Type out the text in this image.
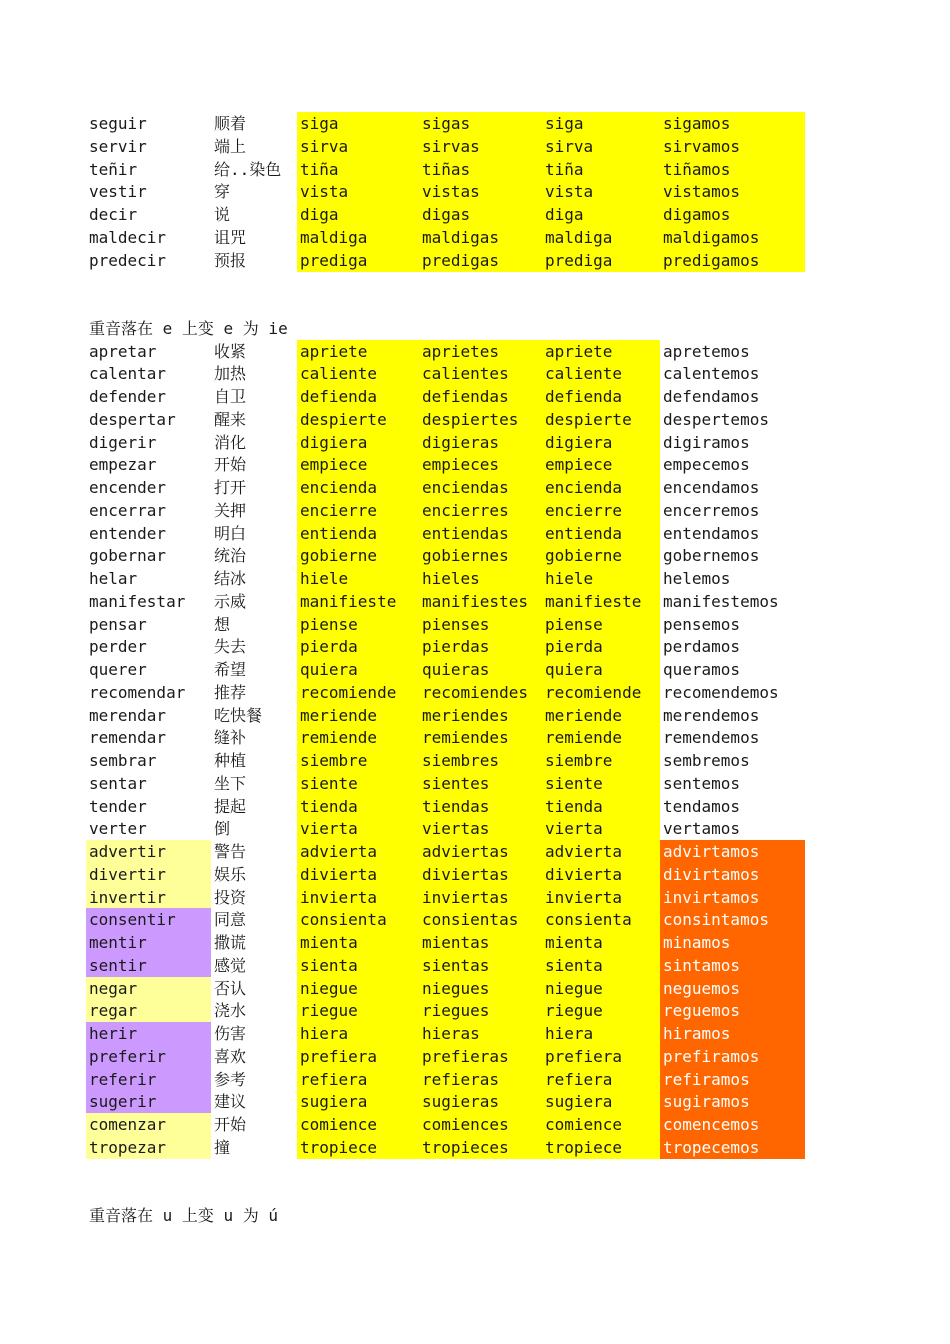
seguir	顺着	siga	sigas	siga	sigamos
servir	端上	sirva	sirvas	sirva	sirvamos
teñir	给..染色	tiña	tiñas	tiña	tiñamos
vestir	穿	vista	vistas	vista	vistamos
decir	说	diga	digas	diga	digamos
maldecir	诅咒	maldiga	maldigas	maldiga	maldigamos
predecir	预报	prediga	predigas	prediga	predigamos
重音落在 e 上变 e 为 ie
apretar	收紧	apriete	aprietes	apriete	apretemos
calentar	加热	caliente	calientes	caliente	calentemos
defender	自卫	defienda	defiendas	defienda	defendamos
despertar	醒来	despierte	despiertes	despierte	despertemos
digerir	消化	digiera	digieras	digiera	digiramos
empezar	开始	empiece	empieces	empiece	empecemos
encender	打开	encienda	enciendas	encienda	encendamos
encerrar	关押	encierre	encierres	encierre	encerremos
entender	明白	entienda	entiendas	entienda	entendamos
gobernar	统治	gobierne	gobiernes	gobierne	gobernemos
helar	结冰	hiele	hieles	hiele	helemos
manifestar	示威	manifieste	manifiestes	manifieste	manifestemos
pensar	想	piense	pienses	piense	pensemos
perder	失去	pierda	pierdas	pierda	perdamos
querer	希望	quiera	quieras	quiera	queramos
recomendar	推荐	recomiende	recomiendes	recomiende	recomendemos
merendar	吃快餐	meriende	meriendes	meriende	merendemos
remendar	缝补	remiende	remiendes	remiende	remendemos
sembrar	种植	siembre	siembres	siembre	sembremos
sentar	坐下	siente	sientes	siente	sentemos
tender	提起	tienda	tiendas	tienda	tendamos
verter	倒	vierta	viertas	vierta	vertamos
advertir	警告	advierta	adviertas	advierta	advirtamos
divertir	娱乐	divierta	diviertas	divierta	divirtamos
invertir	投资	invierta	inviertas	invierta	invirtamos
consentir	同意	consienta	consientas	consienta	consintamos
mentir	撒谎	mienta	mientas	mienta	minamos
sentir	感觉	sienta	sientas	sienta	sintamos
negar	否认	niegue	niegues	niegue	neguemos
regar	浇水	riegue	riegues	riegue	reguemos
herir	伤害	hiera	hieras	hiera	hiramos
preferir	喜欢	prefiera	prefieras	prefiera	prefiramos
referir	参考	refiera	refieras	refiera	refiramos
sugerir	建议	sugiera	sugieras	sugiera	sugiramos
comenzar	开始	comience	comiences	comience	comencemos
tropezar	撞	tropiece	tropieces	tropiece	tropecemos
重音落在 u 上变 u 为 ú
